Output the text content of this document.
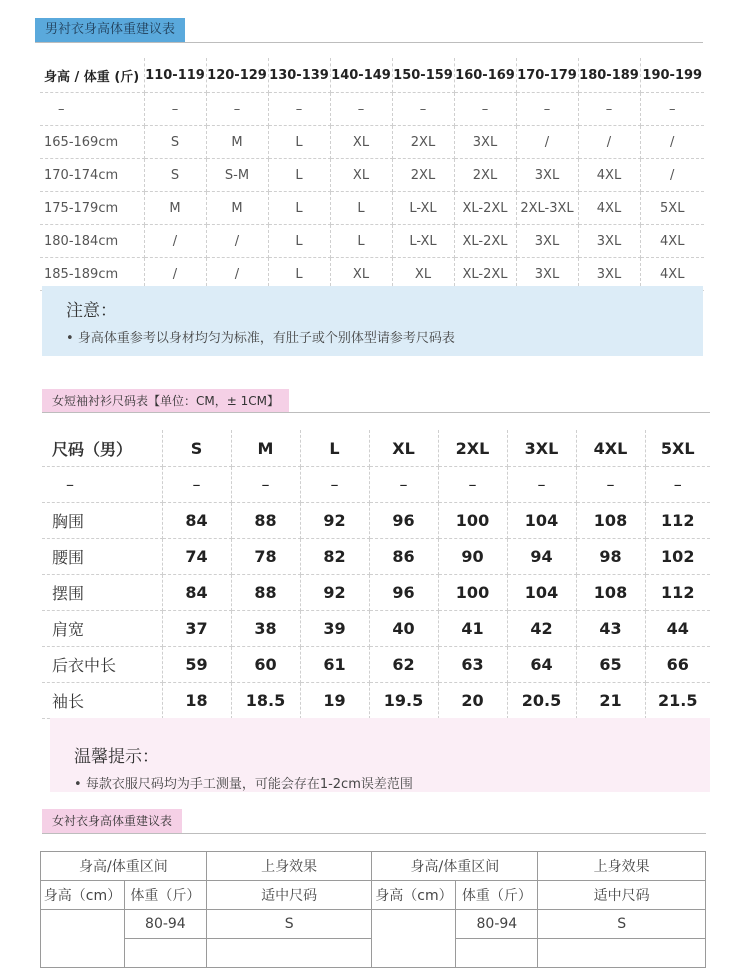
男衬衣身高体重建议表
身高 / 体重 (斤)	110-119	120-129	130-139	140-149	150-159	160-169	170-179	180-189	190-199
–	–	–	–	–	–	–	–	–	–
165-169cm	S	M	L	XL	2XL	3XL	/	/	/
170-174cm	S	S-M	L	XL	2XL	2XL	3XL	4XL	/
175-179cm	M	M	L	L	L-XL	XL-2XL	2XL-3XL	4XL	5XL
180-184cm	/	/	L	L	L-XL	XL-2XL	3XL	3XL	4XL
185-189cm	/	/	L	XL	XL	XL-2XL	3XL	3XL	4XL
注意：
• 身高体重参考以身材均匀为标准，有肚子或个别体型请参考尺码表
女短袖衬衫尺码表【单位：CM，± 1CM】
尺码（男）	S	M	L	XL	2XL	3XL	4XL	5XL
–	–	–	–	–	–	–	–	–
胸围	84	88	92	96	100	104	108	112
腰围	74	78	82	86	90	94	98	102
摆围	84	88	92	96	100	104	108	112
肩宽	37	38	39	40	41	42	43	44
后衣中长	59	60	61	62	63	64	65	66
袖长	18	18.5	19	19.5	20	20.5	21	21.5
温馨提示：
• 每款衣服尺码均为手工测量，可能会存在1-2cm误差范围
女衬衣身高体重建议表
身高/体重区间		上身效果	身高/体重区间		上身效果
身高（cm）	体重（斤）	适中尺码	身高（cm）	体重（斤）	适中尺码
	80-94	S		80-94	S
